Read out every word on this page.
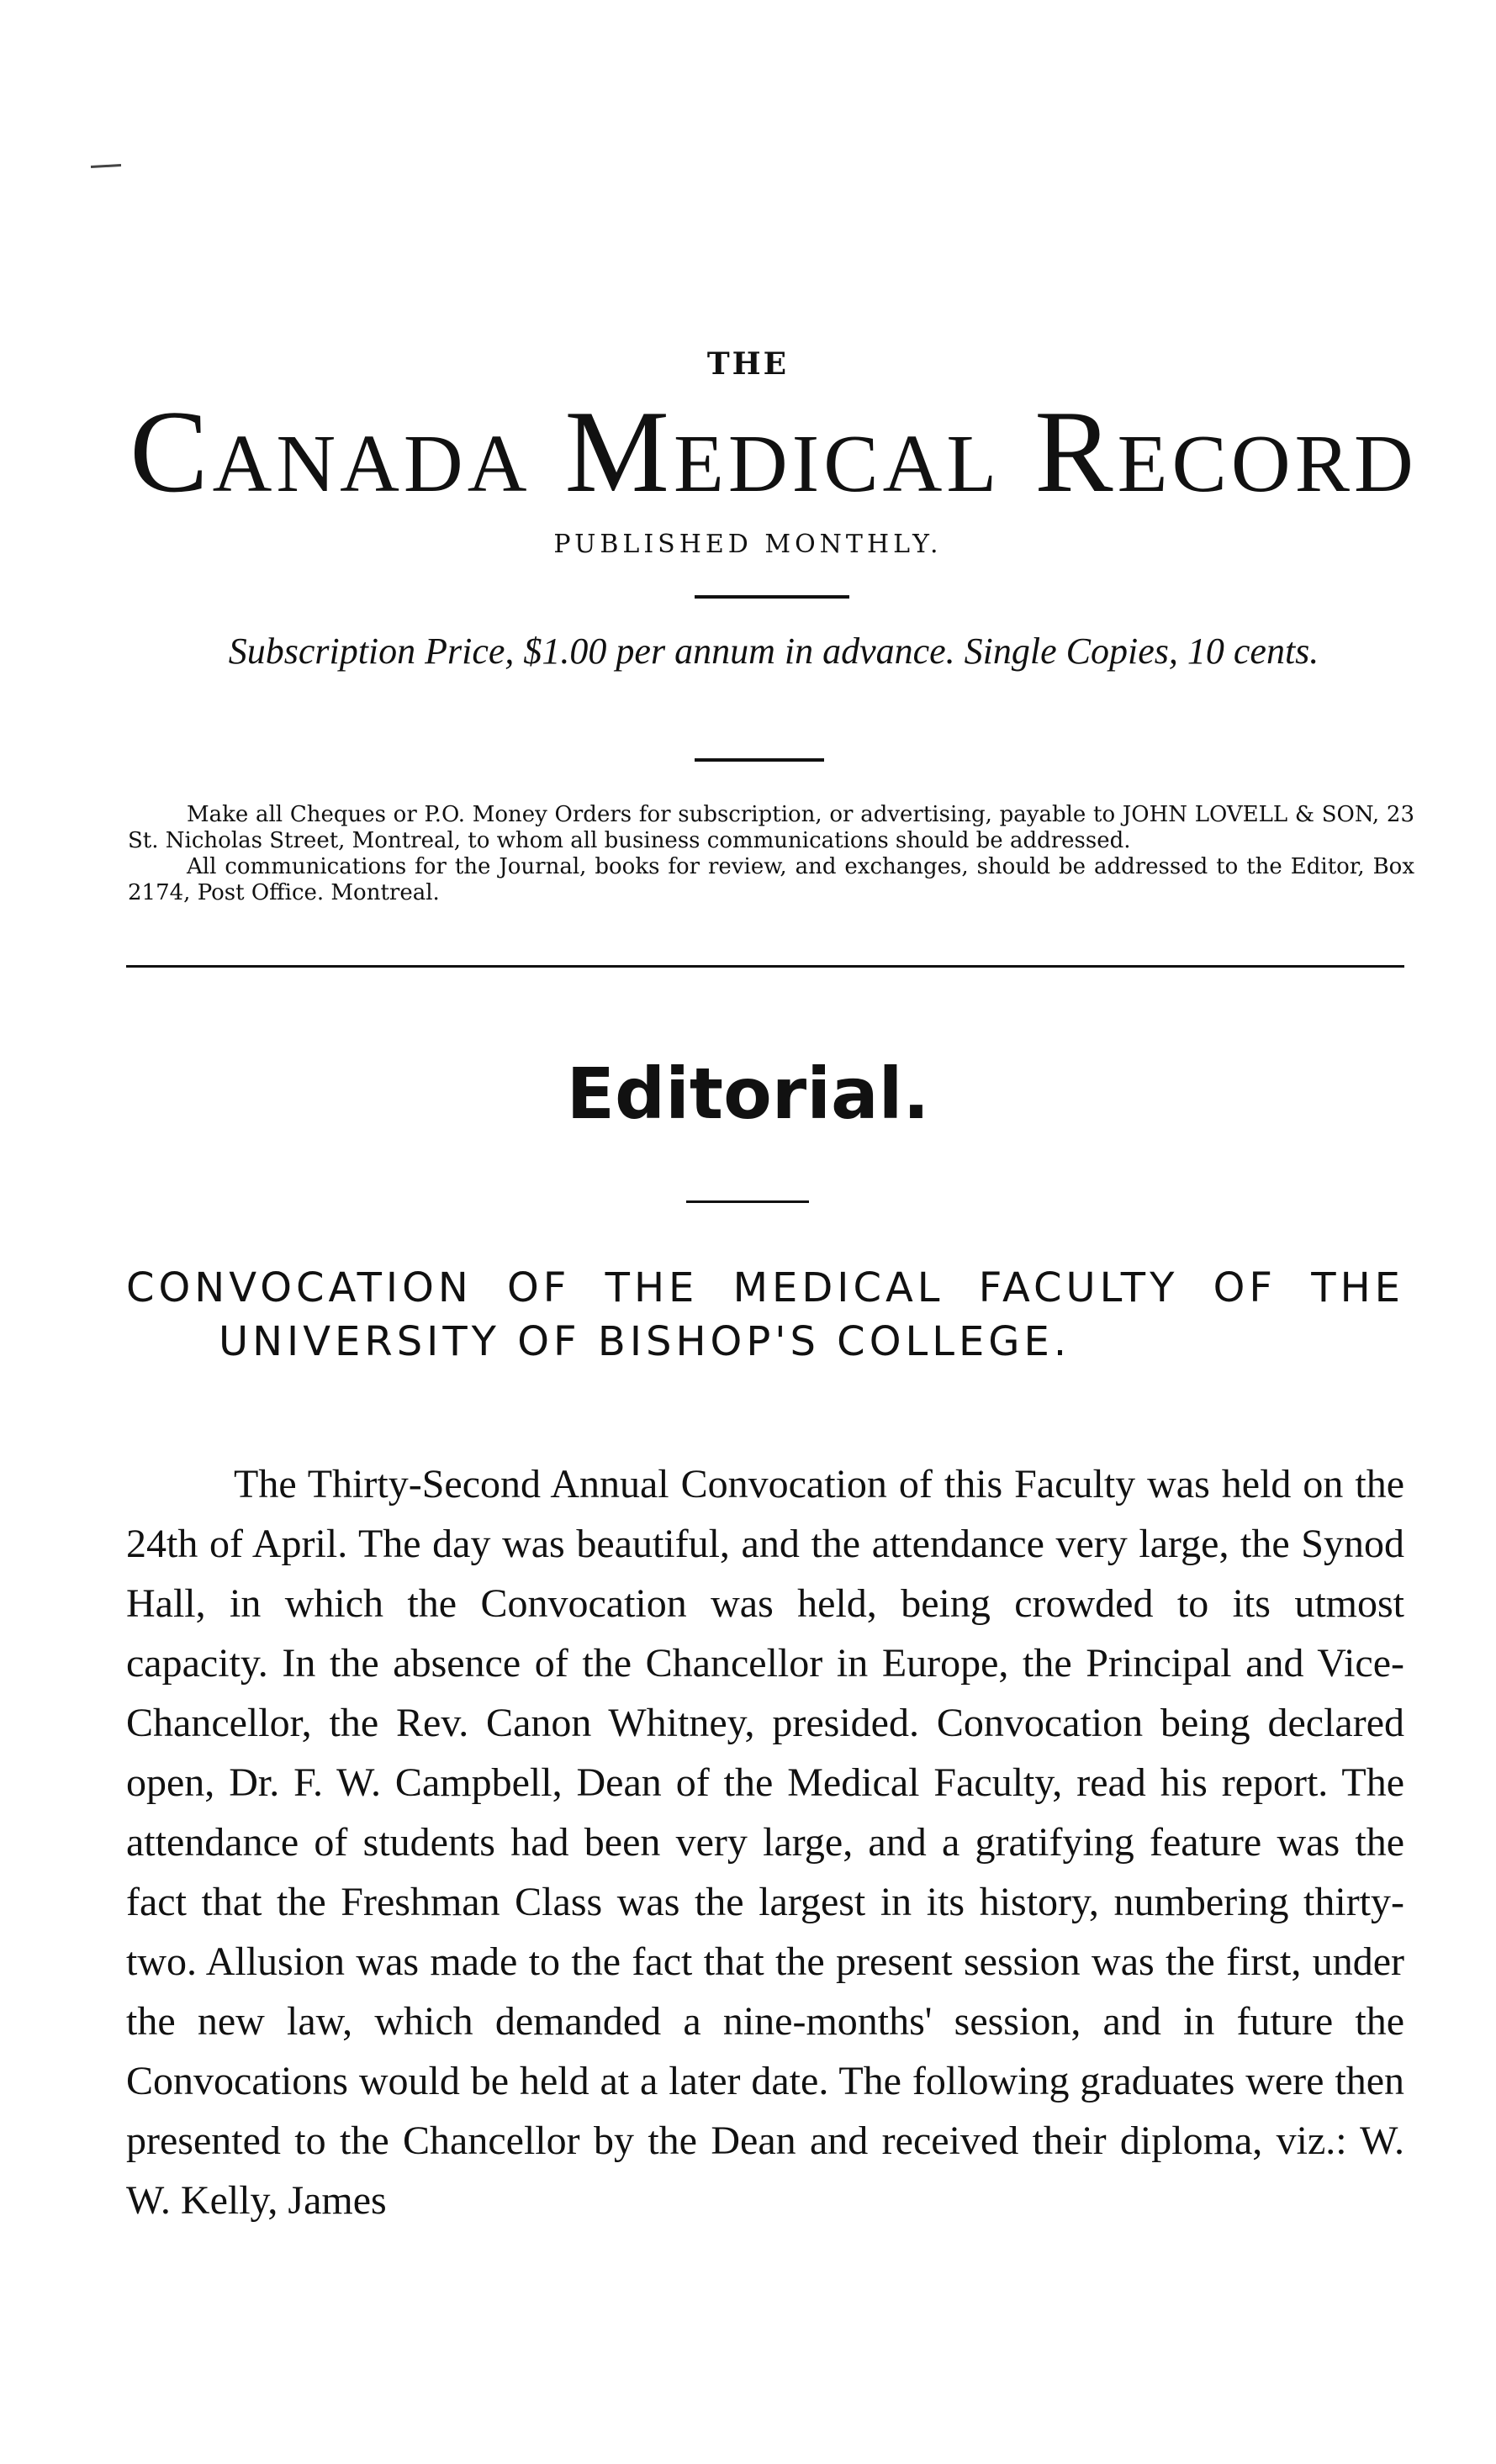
THE
Canada Medical Record
PUBLISHED MONTHLY.
Subscription Price, $1.00 per annum in advance. Single Copies, 10 cents.

Make all Cheques or P.O. Money Orders for subscription, or advertising, payable to JOHN LOVELL & SON, 23 St. Nicholas Street, Montreal, to whom all business communications should be addressed.

All communications for the Journal, books for review, and exchanges, should be addressed to the Editor, Box 2174, Post Office. Montreal.

Editorial.
CONVOCATION OF THE MEDICAL FACULTY OF THE UNIVERSITY OF BISHOP'S COLLEGE.

The Thirty-Second Annual Convocation of this Faculty was held on the 24th of April. The day was beautiful, and the attendance very large, the Synod Hall, in which the Convocation was held, being crowded to its utmost capacity. In the absence of the Chancellor in Europe, the Principal and Vice-Chancellor, the Rev. Canon Whitney, presided. Convocation being declared open, Dr. F. W. Campbell, Dean of the Medical Faculty, read his report. The attendance of students had been very large, and a gratifying feature was the fact that the Freshman Class was the largest in its history, numbering thirty-two. Allusion was made to the fact that the present session was the first, under the new law, which demanded a nine-months' session, and in future the Convocations would be held at a later date. The following graduates were then presented to the Chancellor by the Dean and received their diploma, viz.: W. W. Kelly, James
